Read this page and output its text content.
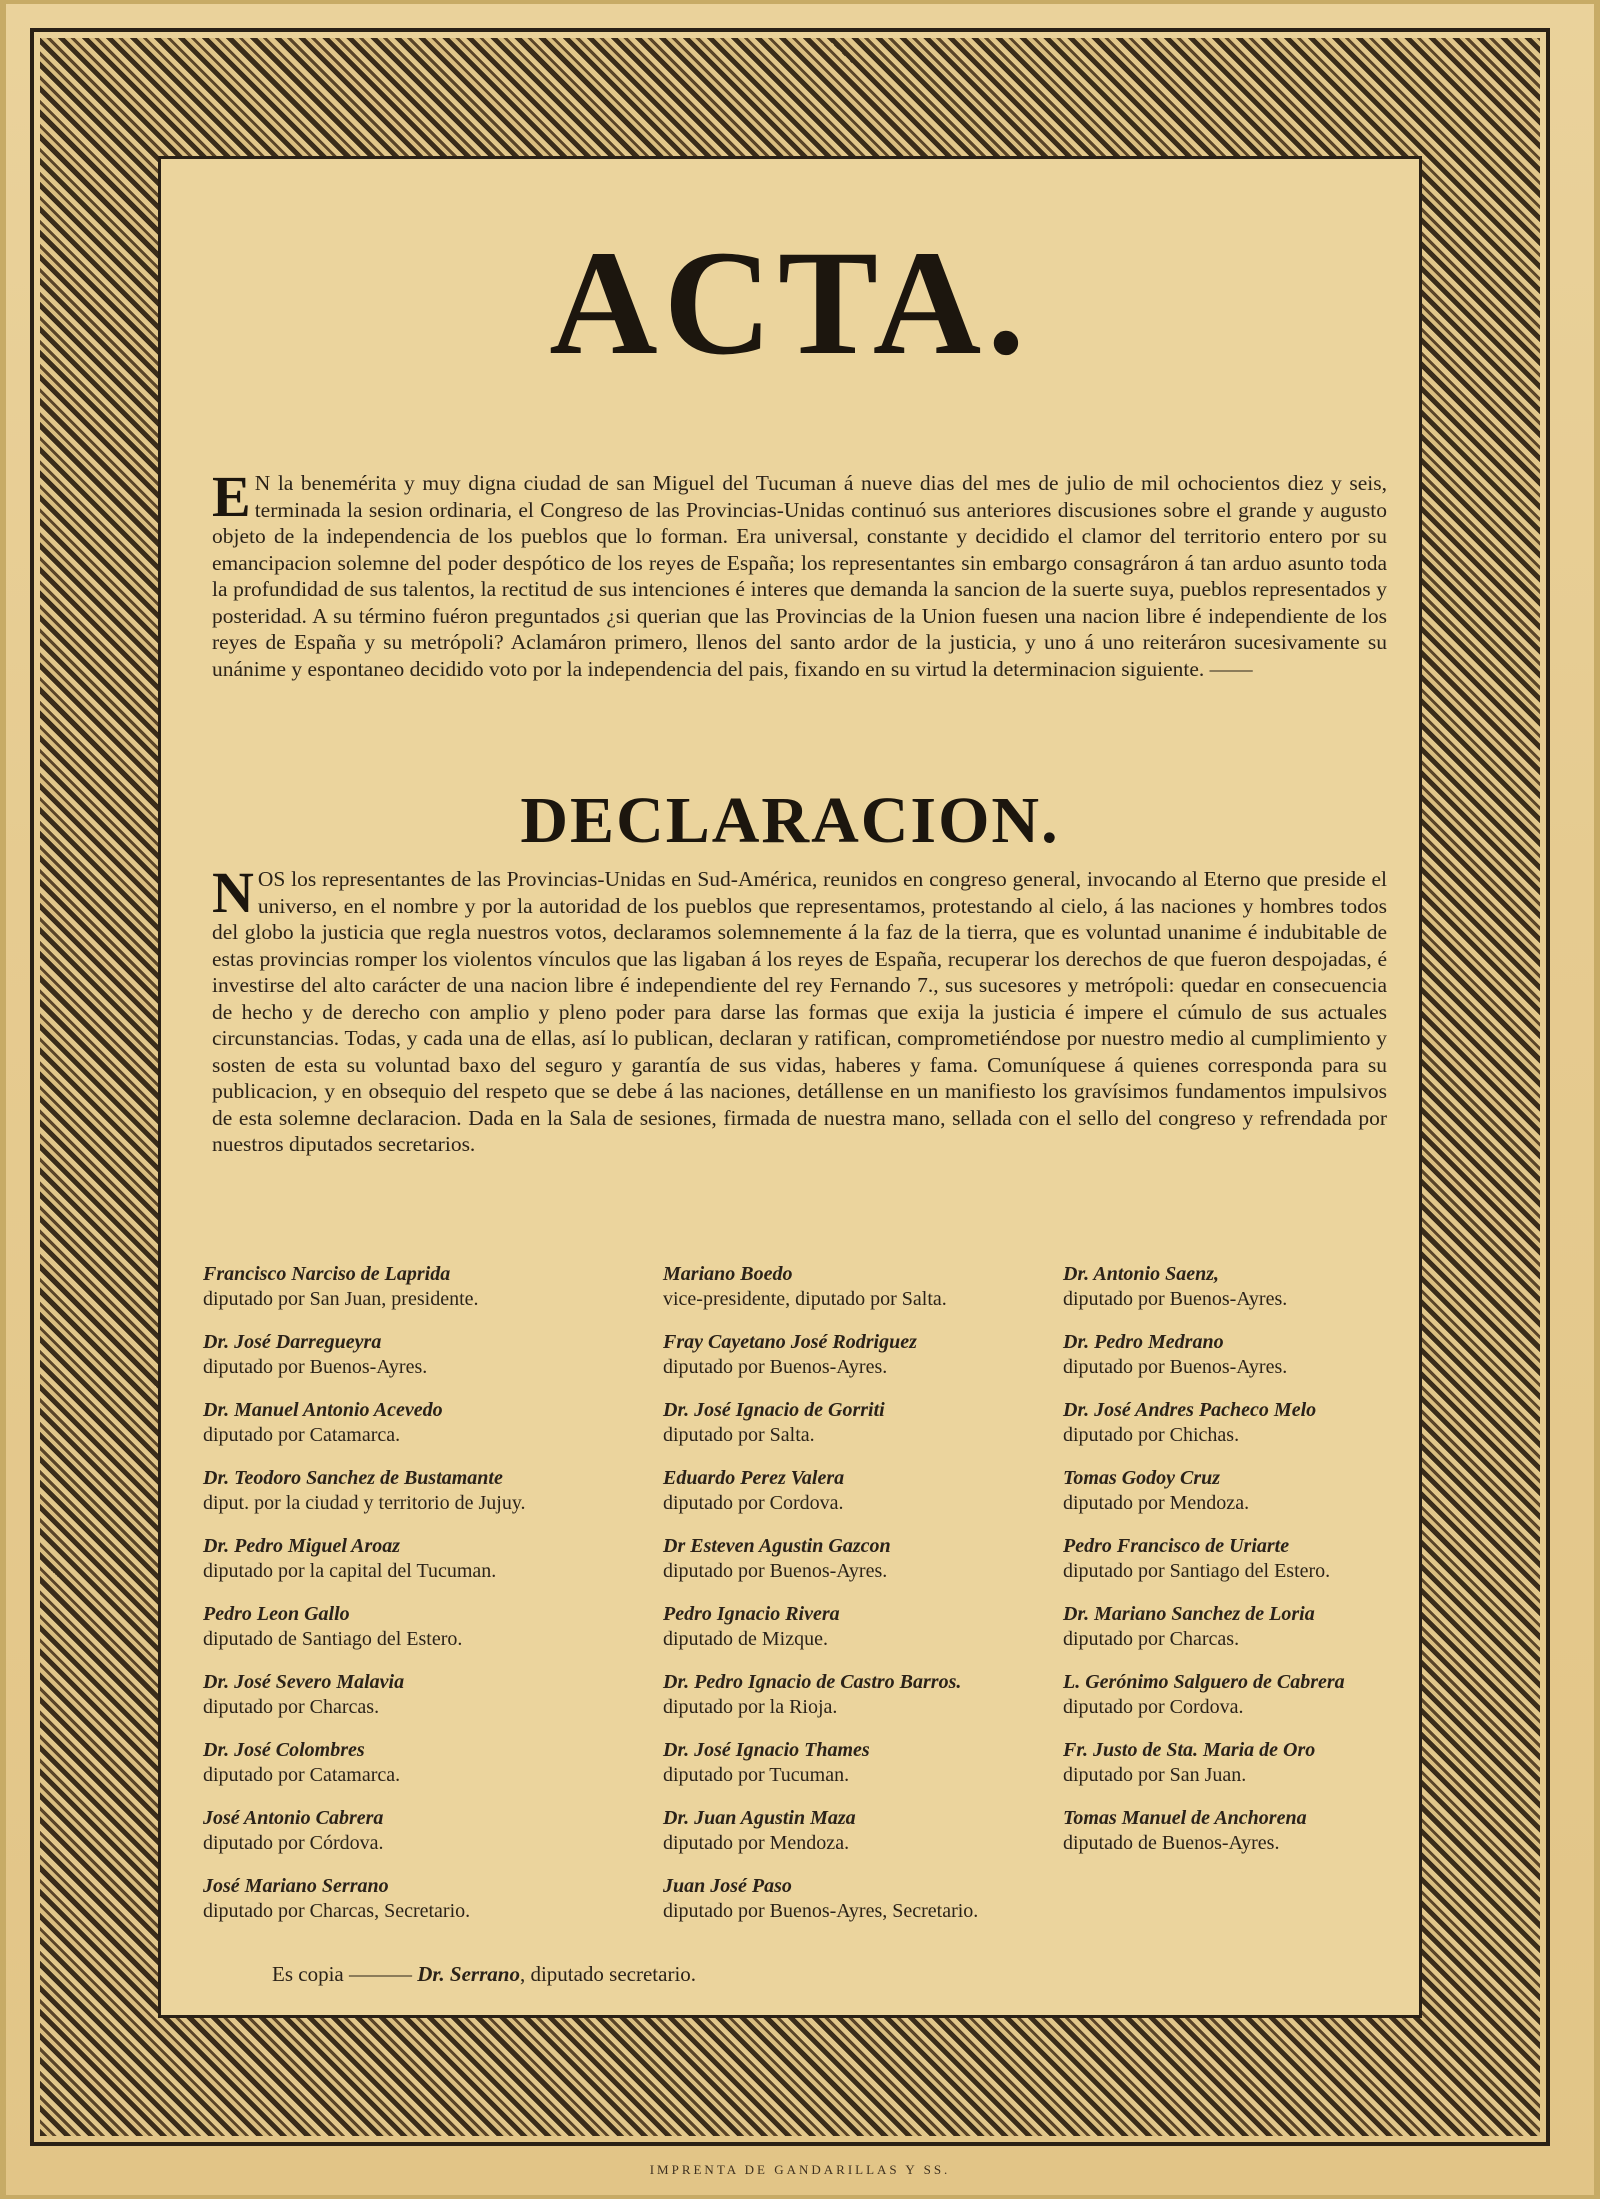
ACTA.
E N la benemérita y muy digna ciudad de san Miguel del Tucuman á nueve dias del mes de julio de mil ochocientos diez y seis, terminada la sesion ordinaria, el Congreso de las Provincias-Unidas continuó sus anteriores discusiones sobre el grande y augusto objeto de la independencia de los pueblos que lo forman. Era universal, constante y decidido el clamor del territorio entero por su emancipacion solemne del poder despótico de los reyes de España; los representantes sin embargo consagráron á tan arduo asunto toda la profundidad de sus talentos, la rectitud de sus intenciones é interes que demanda la sancion de la suerte suya, pueblos representados y posteridad. A su término fuéron preguntados ¿si querian que las Provincias de la Union fuesen una nacion libre é independiente de los reyes de España y su metrópoli? Aclamáron primero, llenos del santo ardor de la justicia, y uno á uno reiteráron sucesivamente su unánime y espontaneo decidido voto por la independencia del pais, fixando en su virtud la determinacion siguiente. ——
DECLARACION.
NOS los representantes de las Provincias-Unidas en Sud-América, reunidos en congreso general, invocando al Eterno que preside el universo, en el nombre y por la autoridad de los pueblos que representamos, protestando al cielo, á las naciones y hombres todos del globo la justicia que regla nuestros votos, declaramos solemnemente á la faz de la tierra, que es voluntad unanime é indubitable de estas provincias romper los violentos vínculos que las ligaban á los reyes de España, recuperar los derechos de que fueron despojadas, é investirse del alto carácter de una nacion libre é independiente del rey Fernando 7., sus sucesores y metrópoli: quedar en consecuencia de hecho y de derecho con amplio y pleno poder para darse las formas que exija la justicia é impere el cúmulo de sus actuales circunstancias. Todas, y cada una de ellas, así lo publican, declaran y ratifican, comprometiéndose por nuestro medio al cumplimiento y sosten de esta su voluntad baxo del seguro y garantía de sus vidas, haberes y fama. Comuníquese á quienes corresponda para su publicacion, y en obsequio del respeto que se debe á las naciones, detállense en un manifiesto los gravísimos fundamentos impulsivos de esta solemne declaracion. Dada en la Sala de sesiones, firmada de nuestra mano, sellada con el sello del congreso y refrendada por nuestros diputados secretarios.
Francisco Narciso de Laprida
diputado por San Juan, presidente.
Mariano Boedo
vice-presidente, diputado por Salta.
Dr. Antonio Saenz,
diputado por Buenos-Ayres.
Dr. José Darregueyra
diputado por Buenos-Ayres.
Fray Cayetano José Rodriguez
diputado por Buenos-Ayres.
Dr. Pedro Medrano
diputado por Buenos-Ayres.
Dr. Manuel Antonio Acevedo
diputado por Catamarca.
Dr. José Ignacio de Gorriti
diputado por Salta.
Dr. José Andres Pacheco Melo
diputado por Chichas.
Dr. Teodoro Sanchez de Bustamante
diput. por la ciudad y territorio de Jujuy.
Eduardo Perez Valera
diputado por Cordova.
Tomas Godoy Cruz
diputado por Mendoza.
Dr. Pedro Miguel Aroaz
diputado por la capital del Tucuman.
Dr Esteven Agustin Gazcon
diputado por Buenos-Ayres.
Pedro Francisco de Uriarte
diputado por Santiago del Estero.
Pedro Leon Gallo
diputado de Santiago del Estero.
Pedro Ignacio Rivera
diputado de Mizque.
Dr. Mariano Sanchez de Loria
diputado por Charcas.
Dr. José Severo Malavia
diputado por Charcas.
Dr. Pedro Ignacio de Castro Barros.
diputado por la Rioja.
L. Gerónimo Salguero de Cabrera
diputado por Cordova.
Dr. José Colombres
diputado por Catamarca.
Dr. José Ignacio Thames
diputado por Tucuman.
Fr. Justo de Sta. Maria de Oro
diputado por San Juan.
José Antonio Cabrera
diputado por Córdova.
Dr. Juan Agustin Maza
diputado por Mendoza.
Tomas Manuel de Anchorena
diputado de Buenos-Ayres.
José Mariano Serrano
diputado por Charcas, Secretario.
Juan José Paso
diputado por Buenos-Ayres, Secretario.
Es copia ——— Dr. Serrano, diputado secretario.
IMPRENTA DE GANDARILLAS Y SS.
